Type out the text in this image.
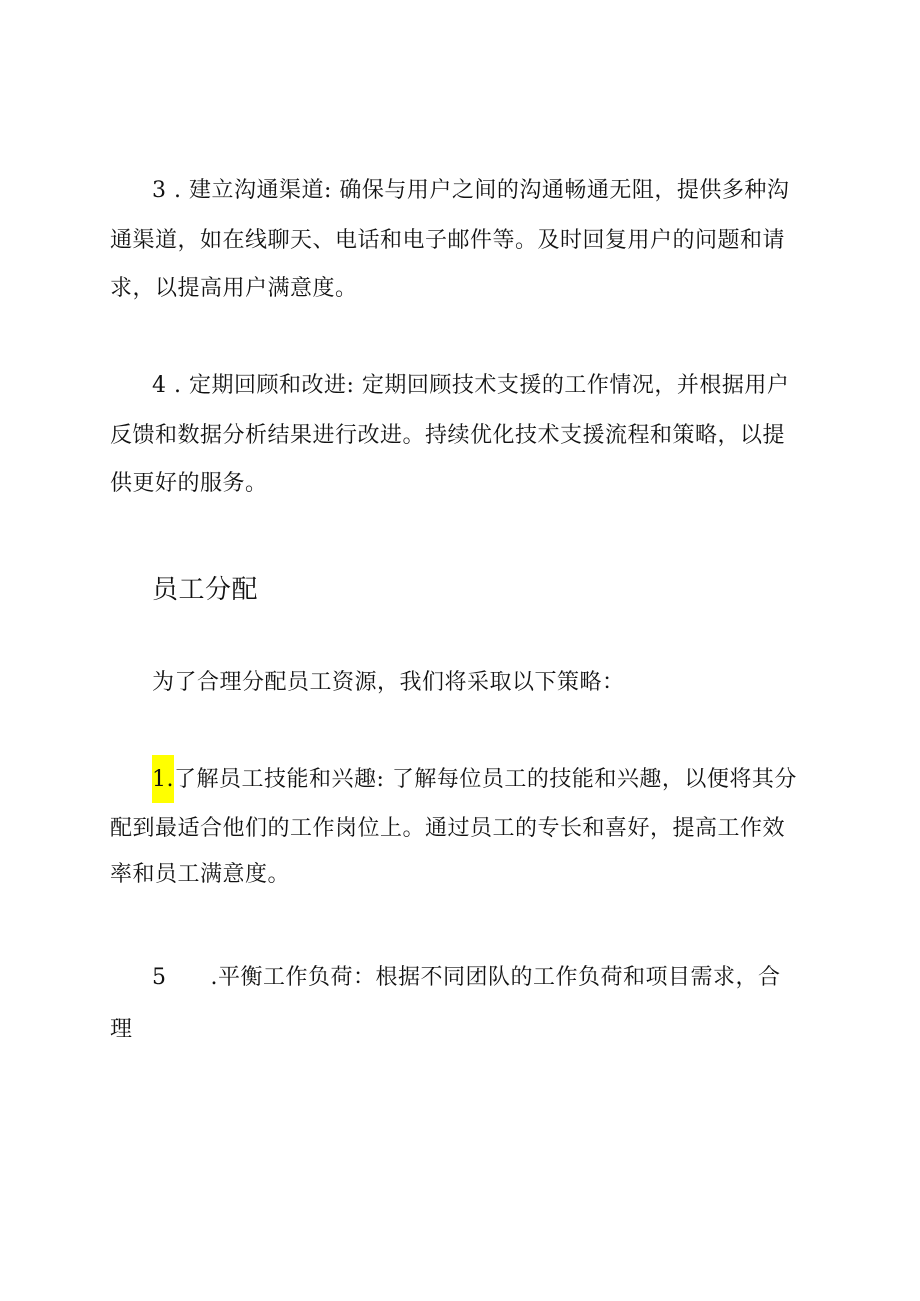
3 . 建立沟通渠道: 确保与用户之间的沟通畅通无阻，提供多种沟
通渠道，如在线聊天、电话和电子邮件等。及时回复用户的问题和请
求，以提高用户满意度。
4 . 定期回顾和改进: 定期回顾技术支援的工作情况，并根据用户
反馈和数据分析结果进行改进。持续优化技术支援流程和策略，以提
供更好的服务。
员工分配
为了合理分配员工资源，我们将采取以下策略：
1.了解员工技能和兴趣: 了解每位员工的技能和兴趣，以便将其分
配到最适合他们的工作岗位上。通过员工的专长和喜好，提高工作效
率和员工满意度。
5 .平衡工作负荷：根据不同团队的工作负荷和项目需求，合
理
